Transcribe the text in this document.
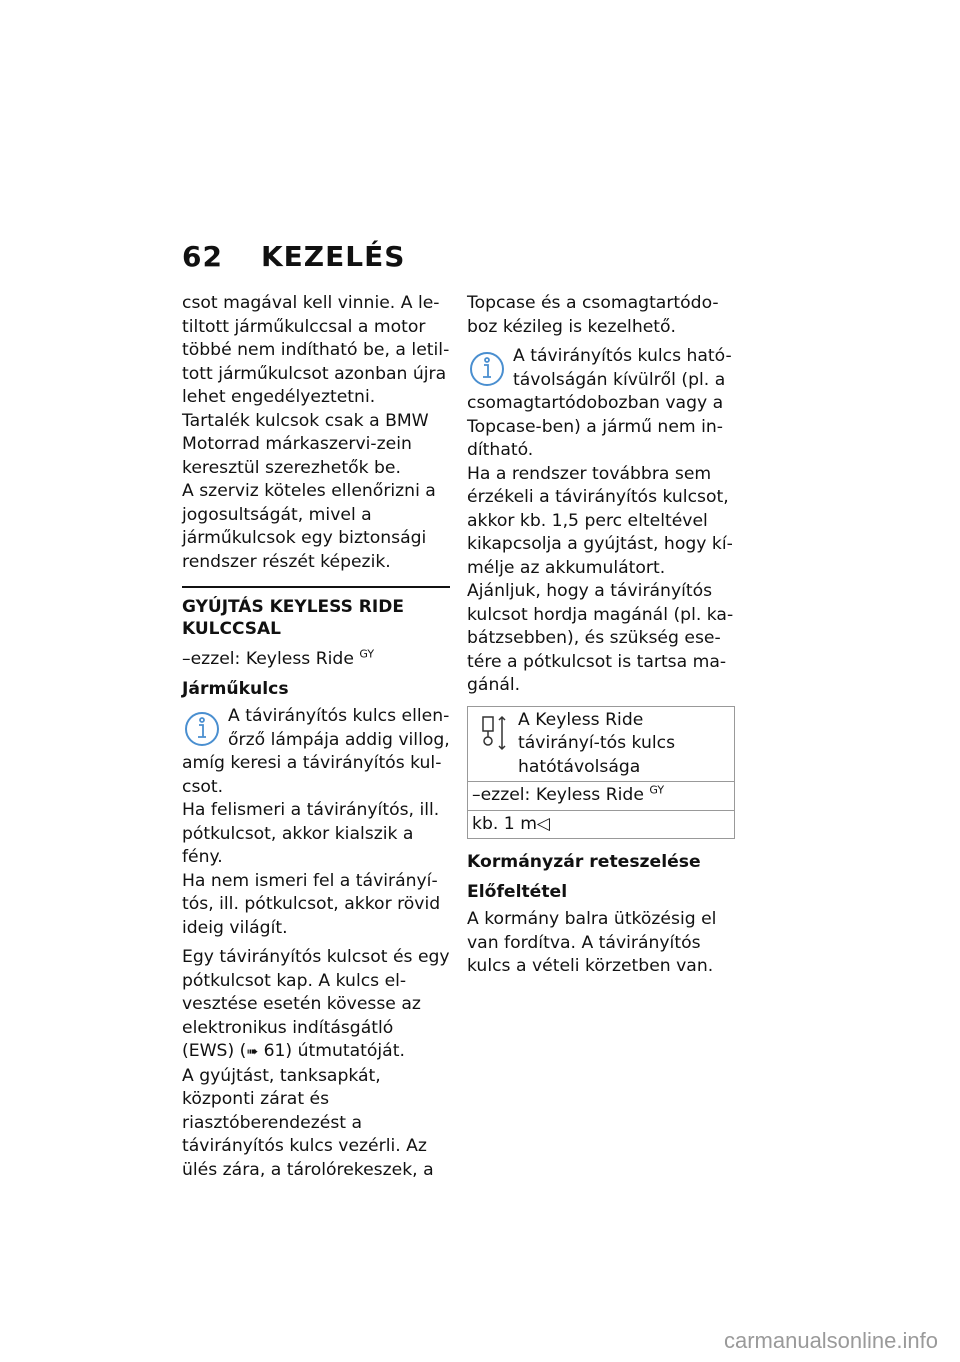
62 KEZELÉS

csot magával kell vinnie. A le-tiltott járműkulccsal a motor többé nem indítható be, a letil-tott járműkulcsot azonban újra lehet engedélyeztetni.

Tartalék kulcsok csak a BMW Motorrad márkaszervi-zein keresztül szerezhetők be.

A szerviz köteles ellenőrizni a jogosultságát, mivel a járműkulcsok egy biztonsági rendszer részét képezik.

GYÚJTÁS KEYLESS RIDE KULCCSAL

–ezzel: Keyless Ride $^{GY}$

Járműkulcs

A távirányítós kulcs ellen-őrző lámpája addig villog, amíg keresi a távirányítós kul-csot.

Ha felismeri a távirányítós, ill. pótkulcsot, akkor kialszik a fény.

Ha nem ismeri fel a távirányí-tós, ill. pótkulcsot, akkor rövid ideig világít.

Egy távirányítós kulcsot és egy pótkulcsot kap. A kulcs el-vesztése esetén kövesse az elektronikus indításgátló (EWS) (➠ 61) útmutatóját.

A gyújtást, tanksapkát, központi zárat és riasztóberendezést a távirányítós kulcs vezérli. Az ülés zára, a tárolórekeszek, a

Topcase és a csomagtartódo-boz kézileg is kezelhető.

A távirányítós kulcs ható-távolságán kívülről (pl. a csomagtartódobozban vagy a Topcase-ben) a jármű nem in-dítható.

Ha a rendszer továbbra sem érzékeli a távirányítós kulcsot, akkor kb. 1,5 perc elteltével kikapcsolja a gyújtást, hogy kí-mélje az akkumulátort.

Ajánljuk, hogy a távirányítós kulcsot hordja magánál (pl. ka-bátzsebben), és szükség ese-tére a pótkulcsot is tartsa ma-gánál.

A Keyless Ride távirányí-tós kulcs hatótávolsága

–ezzel: Keyless Ride $^{GY}$
kb. 1 m◁
Kormányzár reteszelése
Előfeltétel

A kormány balra ütközésig el van fordítva. A távirányítós kulcs a vételi körzetben van.

carmanualsonline.info
